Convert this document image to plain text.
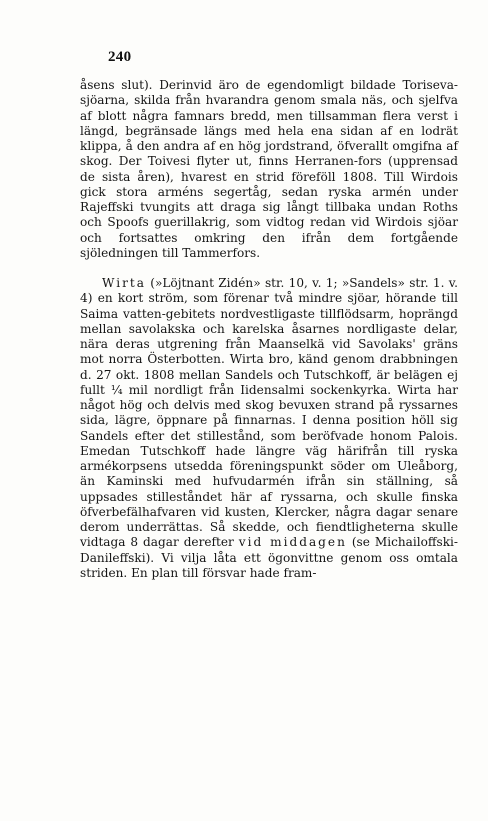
240

åsens slut). Derinvid äro de egendomligt bildade Toriseva-sjöarna, skilda från hvarandra genom smala näs, och sjelfva af blott några famnars bredd, men tillsamman flera verst i längd, begränsade längs med hela ena sidan af en lodrät klippa, å den andra af en hög jordstrand, öfverallt omgifna af skog. Der Toivesi flyter ut, finns Herranen-fors (upprensad de sista åren), hvarest en strid föreföll 1808. Till Wirdois gick stora arméns segertåg, sedan ryska armén under Rajeffski tvungits att draga sig långt tillbaka undan Roths och Spoofs guerillakrig, som vidtog redan vid Wirdois sjöar och fortsattes omkring den ifrån dem fortgående sjöledningen till Tammerfors.

Wirta (»Löjtnant Zidén» str. 10, v. 1; »Sandels» str. 1. v. 4) en kort ström, som förenar två mindre sjöar, hörande till Saima vatten-gebitets nordvestligaste tillflödsarm, hoprängd mellan savolakska och karelska åsarnes nordligaste delar, nära deras utgrening från Maanselkä vid Savolaks' gräns mot norra Österbotten. Wirta bro, känd genom drabbningen d. 27 okt. 1808 mellan Sandels och Tutschkoff, är belägen ej fullt ¼ mil nordligt från Iidensalmi sockenkyrka. Wirta har något hög och delvis med skog bevuxen strand på ryssarnes sida, lägre, öppnare på finnarnas. I denna position höll sig Sandels efter det stillestånd, som beröfvade honom Palois. Emedan Tutschkoff hade längre väg härifrån till ryska armékorpsens utsedda föreningspunkt söder om Uleåborg, än Kaminski med hufvudarmén ifrån sin ställning, så uppsades stilleståndet här af ryssarna, och skulle finska öfverbefälhafvaren vid kusten, Klercker, några dagar senare derom underrättas. Så skedde, och fiendtligheterna skulle vidtaga 8 dagar derefter vid middagen (se Michailoffski-Danileffski). Vi vilja låta ett ögonvittne genom oss omtala striden. En plan till försvar hade fram-
